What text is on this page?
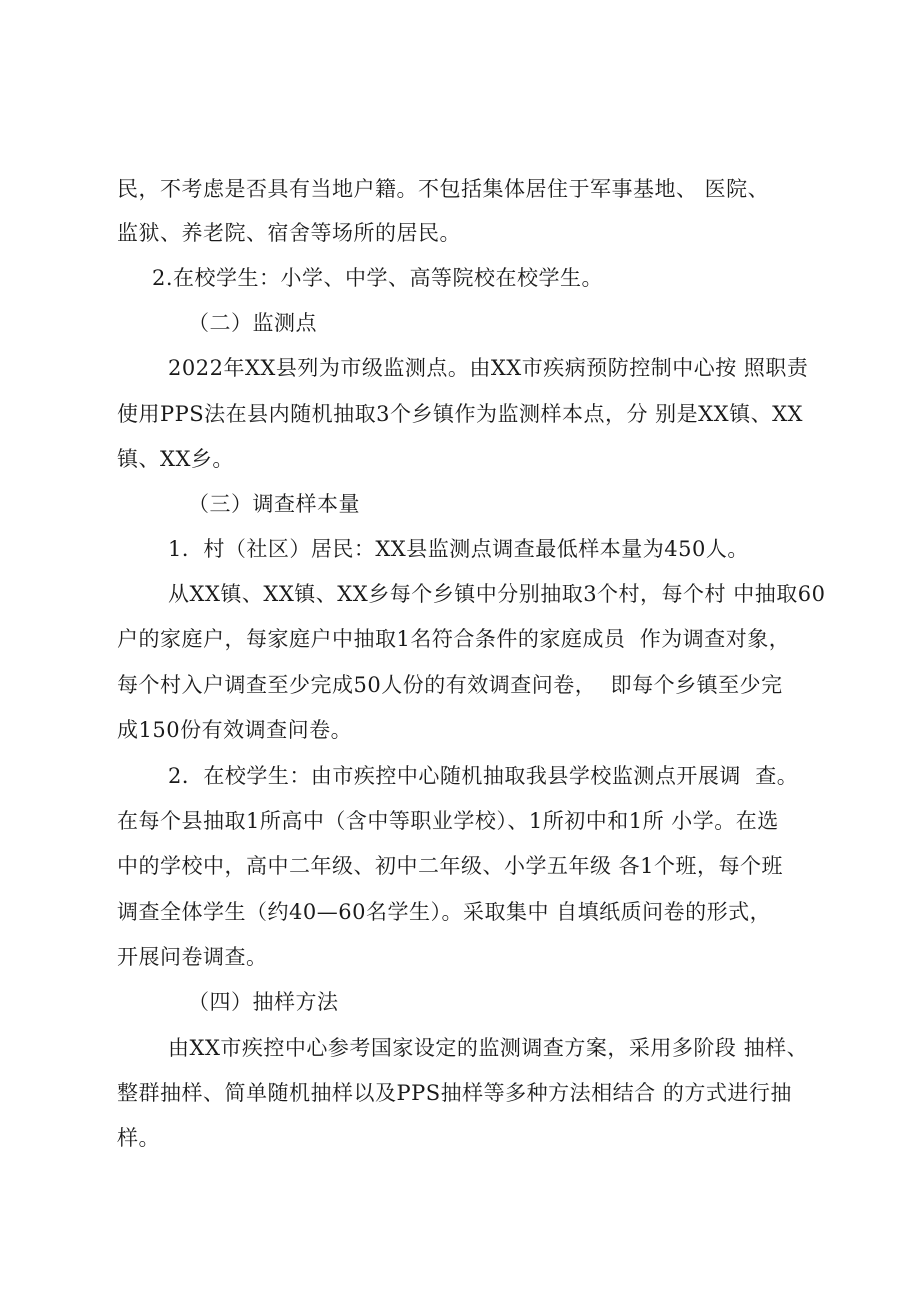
民，不考虑是否具有当地户籍。不包括集体居住于军事基地、 医院、
监狱、养老院、宿舍等场所的居民。
2.在校学生：小学、中学、高等院校在校学生。
（二）监测点
2022年XX县列为市级监测点。由XX市疾病预防控制中心按 照职责
使用PPS法在县内随机抽取3个乡镇作为监测样本点，分 别是XX镇、XX
镇、XX乡。
（三）调查样本量
1．村（社区）居民：XX县监测点调查最低样本量为450人。
从XX镇、XX镇、XX乡每个乡镇中分别抽取3个村，每个村 中抽取60
户的家庭户，每家庭户中抽取1名符合条件的家庭成员  作为调查对象，
每个村入户调查至少完成50人份的有效调查问卷，  即每个乡镇至少完
成150份有效调查问卷。
2．在校学生：由市疾控中心随机抽取我县学校监测点开展调  查。
在每个县抽取1所高中（含中等职业学校）、1所初中和1所 小学。在选
中的学校中，高中二年级、初中二年级、小学五年级 各1个班，每个班
调查全体学生（约40—60名学生）。采取集中 自填纸质问卷的形式，
开展问卷调查。
（四）抽样方法
由XX市疾控中心参考国家设定的监测调查方案，采用多阶段 抽样、
整群抽样、简单随机抽样以及PPS抽样等多种方法相结合 的方式进行抽
样。
